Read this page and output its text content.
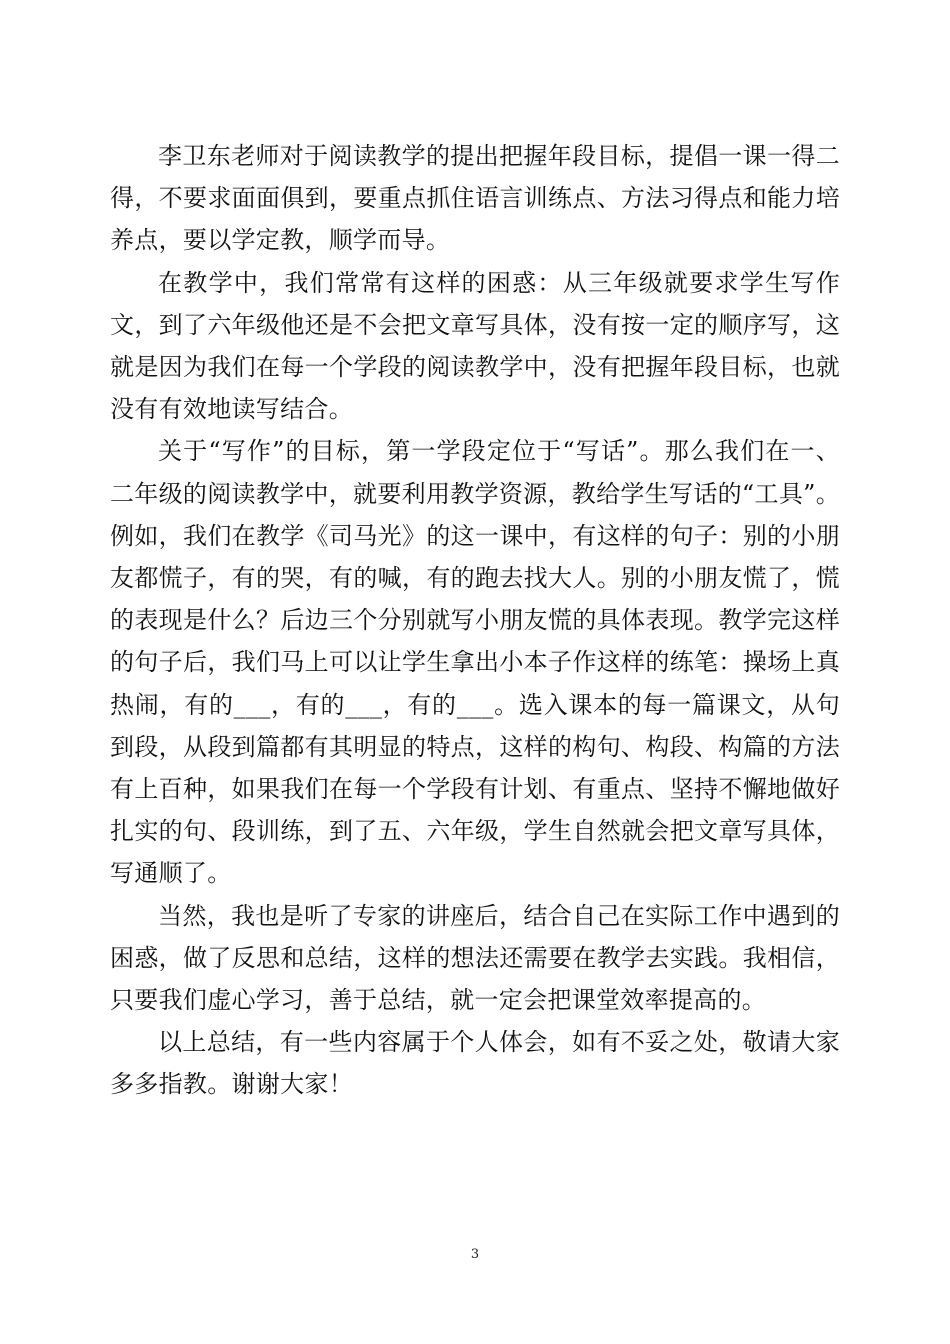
李卫东老师对于阅读教学的提出把握年段目标，提倡一课一得二得，不要求面面俱到，要重点抓住语言训练点、方法习得点和能力培养点，要以学定教，顺学而导。

在教学中，我们常常有这样的困惑：从三年级就要求学生写作文，到了六年级他还是不会把文章写具体，没有按一定的顺序写，这就是因为我们在每一个学段的阅读教学中，没有把握年段目标，也就没有有效地读写结合。

关于“写作”的目标，第一学段定位于“写话”。那么我们在一、二年级的阅读教学中，就要利用教学资源，教给学生写话的“工具”。例如，我们在教学《司马光》的这一课中，有这样的句子：别的小朋友都慌子，有的哭，有的喊，有的跑去找大人。别的小朋友慌了，慌的表现是什么？后边三个分别就写小朋友慌的具体表现。教学完这样的句子后，我们马上可以让学生拿出小本子作这样的练笔：操场上真热闹，有的___，有的___，有的___。选入课本的每一篇课文，从句到段，从段到篇都有其明显的特点，这样的构句、构段、构篇的方法有上百种，如果我们在每一个学段有计划、有重点、坚持不懈地做好扎实的句、段训练，到了五、六年级，学生自然就会把文章写具体，写通顺了。

当然，我也是听了专家的讲座后，结合自己在实际工作中遇到的困惑，做了反思和总结，这样的想法还需要在教学去实践。我相信，只要我们虚心学习，善于总结，就一定会把课堂效率提高的。

以上总结，有一些内容属于个人体会，如有不妥之处，敬请大家多多指教。谢谢大家！

3
